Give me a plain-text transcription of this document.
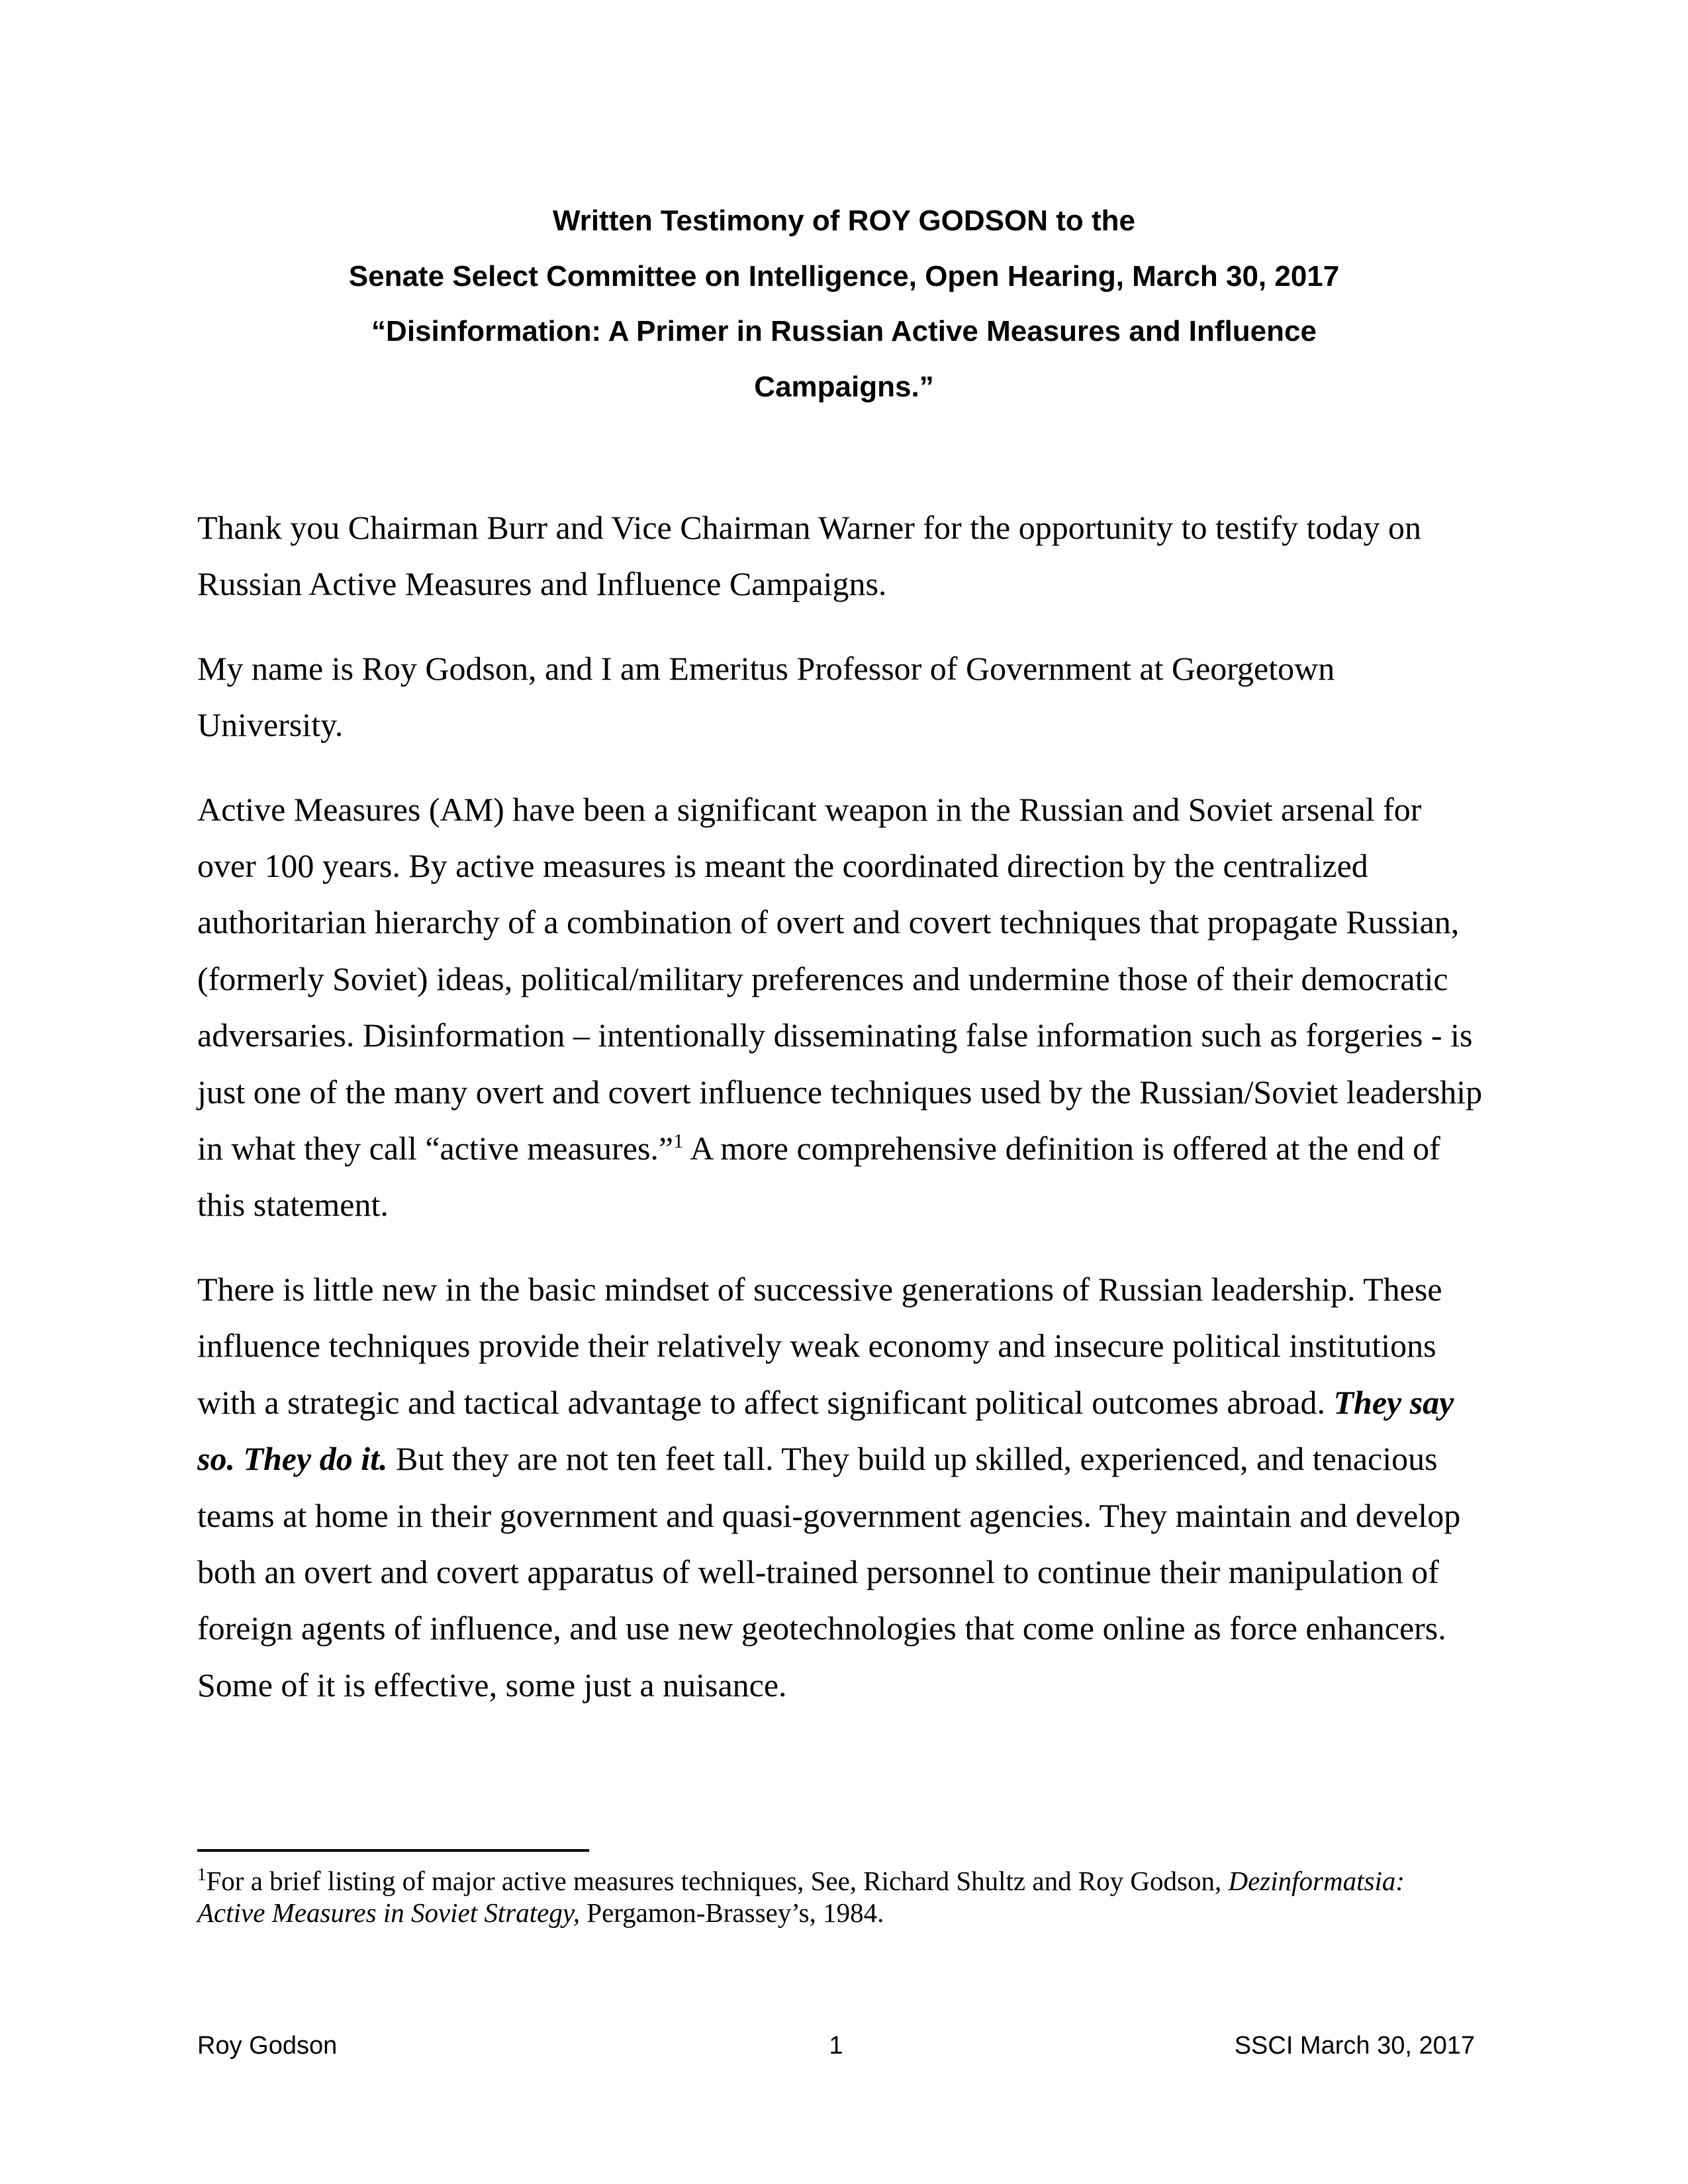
Written Testimony of ROY GODSON to the
Senate Select Committee on Intelligence, Open Hearing, March 30, 2017
“Disinformation: A Primer in Russian Active Measures and Influence
Campaigns.”
Thank you Chairman Burr and Vice Chairman Warner for the opportunity to testify today on
Russian Active Measures and Influence Campaigns.
My name is Roy Godson, and I am Emeritus Professor of Government at Georgetown
University.
Active Measures (AM) have been a significant weapon in the Russian and Soviet arsenal for
over 100 years. By active measures is meant the coordinated direction by the centralized
authoritarian hierarchy of a combination of overt and covert techniques that propagate Russian,
(formerly Soviet) ideas, political/military preferences and undermine those of their democratic
adversaries. Disinformation – intentionally disseminating false information such as forgeries - is
just one of the many overt and covert influence techniques used by the Russian/Soviet leadership
in what they call “active measures.”$^1$ A more comprehensive definition is offered at the end of
this statement.
There is little new in the basic mindset of successive generations of Russian leadership. These
influence techniques provide their relatively weak economy and insecure political institutions
with a strategic and tactical advantage to affect significant political outcomes abroad. They say
so. They do it. But they are not ten feet tall. They build up skilled, experienced, and tenacious
teams at home in their government and quasi-government agencies. They maintain and develop
both an overt and covert apparatus of well-trained personnel to continue their manipulation of
foreign agents of influence, and use new geotechnologies that come online as force enhancers.
Some of it is effective, some just a nuisance.
$^1$For a brief listing of major active measures techniques, See, Richard Shultz and Roy Godson, Dezinformatsia:
Active Measures in Soviet Strategy, Pergamon-Brassey’s, 1984.
Roy Godson	1	SSCI March 30, 2017
